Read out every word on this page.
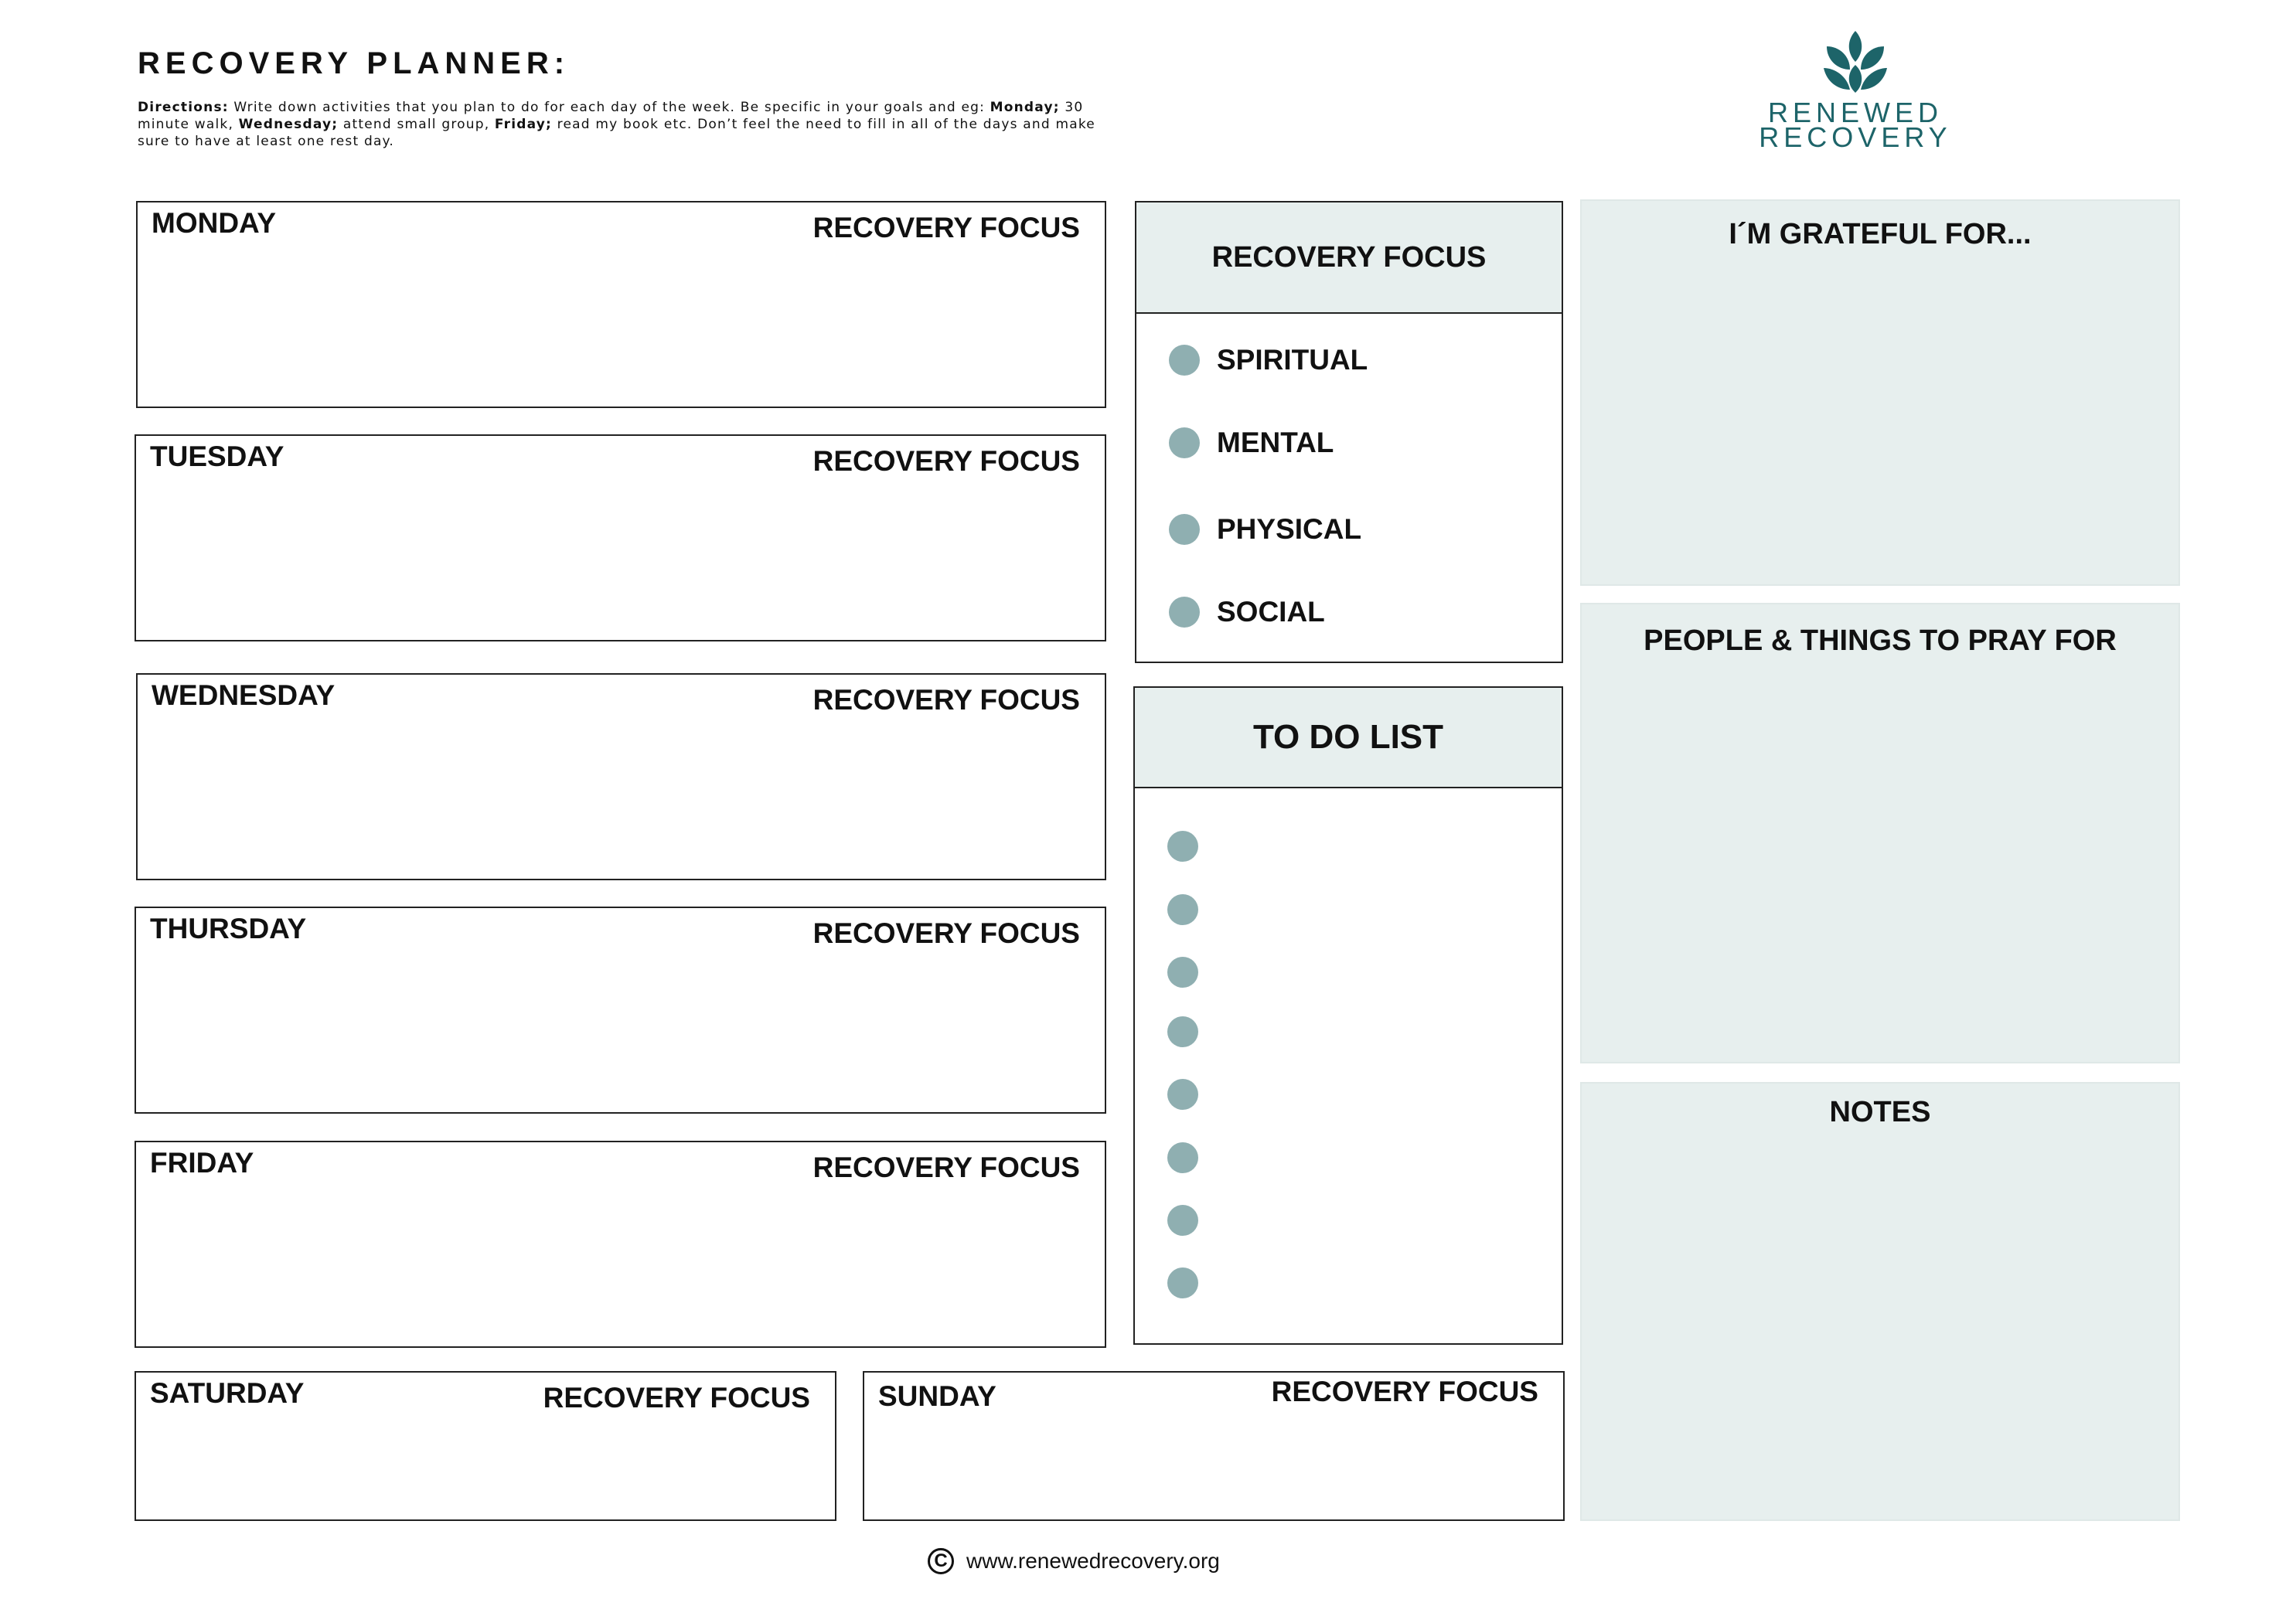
RECOVERY PLANNER:
Directions: Write down activities that you plan to do for each day of the week. Be specific in your goals and eg: Monday; 30 minute walk, Wednesday; attend small group, Friday; read my book etc. Don’t feel the need to fill in all of the days and make sure to have at least one rest day.
RENEWED
RECOVERY
MONDAY	RECOVERY FOCUS
TUESDAY	RECOVERY FOCUS
WEDNESDAY	RECOVERY FOCUS
THURSDAY	RECOVERY FOCUS
FRIDAY	RECOVERY FOCUS
SATURDAY	RECOVERY FOCUS SUNDAY	RECOVERY FOCUS
RECOVERY FOCUS
SPIRITUAL
MENTAL
PHYSICAL
SOCIAL
TO DO LIST
I´M GRATEFUL FOR...
PEOPLE & THINGS TO PRAY FOR
NOTES
C www.renewedrecovery.org
